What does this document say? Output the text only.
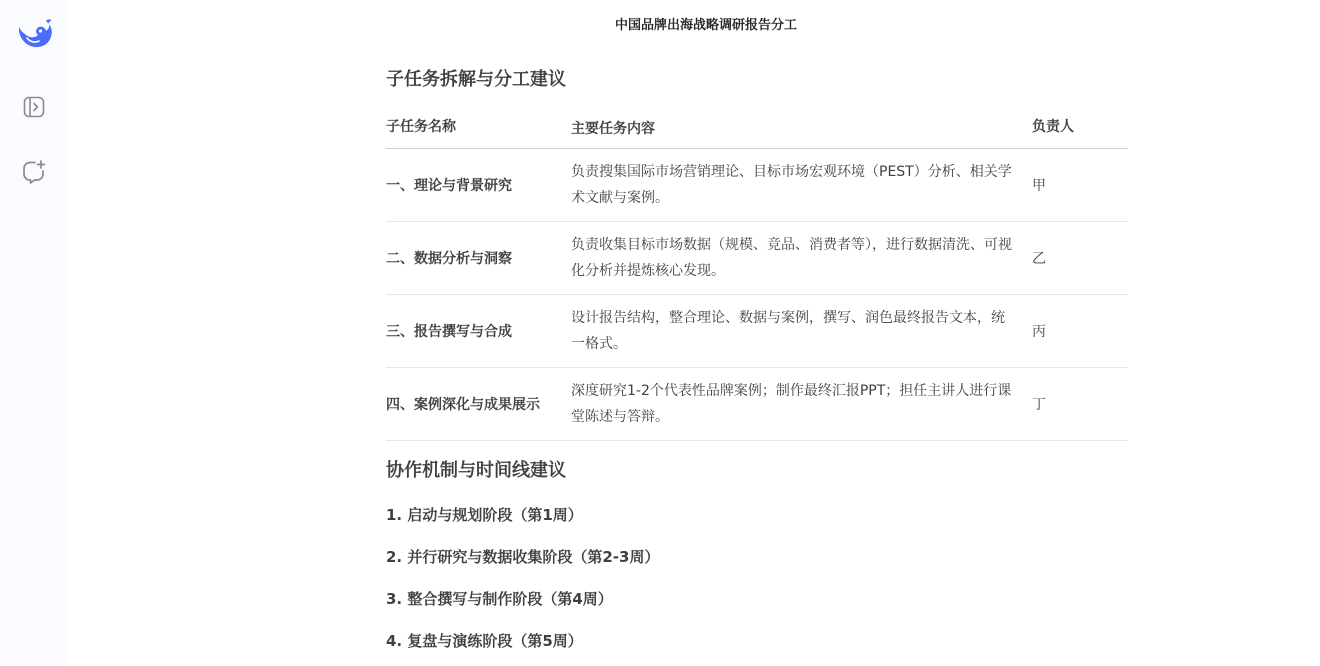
中国品牌出海战略调研报告分工
子任务拆解与分工建议
子任务名称	主要任务内容	负责人
一、理论与背景研究	负责搜集国际市场营销理论、目标市场宏观环境（PEST）分析、相关学术文献与案例。	甲
二、数据分析与洞察	负责收集目标市场数据（规模、竞品、消费者等），进行数据清洗、可视化分析并提炼核心发现。	乙
三、报告撰写与合成	设计报告结构，整合理论、数据与案例，撰写、润色最终报告文本，统一格式。	丙
四、案例深化与成果展示	深度研究1-2个代表性品牌案例；制作最终汇报PPT；担任主讲人进行课堂陈述与答辩。	丁
协作机制与时间线建议

1. 启动与规划阶段（第1周）

2. 并行研究与数据收集阶段（第2-3周）

3. 整合撰写与制作阶段（第4周）

4. 复盘与演练阶段（第5周）
